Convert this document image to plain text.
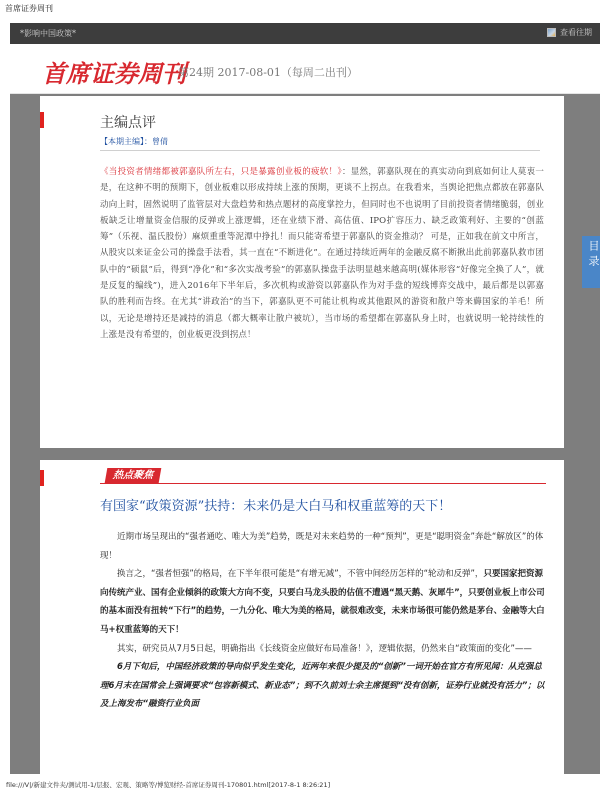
首席证券周刊
*影响中国政策*	查看往期
首席证券周刊
第24期 2017-08-01（每周二出刊）
主编点评
【本期主编】：曾倩
《当投资者情绪都被郭嘉队所左右，只是暴露创业板的疲软！》：显然，郭嘉队现在的真实动向到底如何让人莫衷一是，在这种不明的预期下，创业板难以形成持续上涨的预期，更谈不上拐点。在我看来，当舆论把焦点都放在郭嘉队动向上时，固然说明了监管层对大盘趋势和热点题材的高度掌控力，但同时也不也说明了目前投资者情绪脆弱，创业板缺乏让增量资金信服的反弹或上涨逻辑，还在业绩下滑、高估值、IPO扩容压力、缺乏政策利好、主要的“创蓝筹”（乐视、温氏股份）麻烦重重等泥潭中挣扎！而只能寄希望于郭嘉队的资金推动？ 可是，正如我在前文中所言，从股灾以来证金公司的操盘手法看，其一直在“不断进化”。在通过持续近两年的金融反腐不断揪出此前郭嘉队救市团队中的“硕鼠”后，得到“净化”和“多次实战考验”的郭嘉队操盘手法明显越来越高明(媒体形容“好像完全换了人”，就是反复的编线”)，进入2016年下半年后，多次机构或游资以郭嘉队作为对手盘的短线博弈交战中，最后都是以郭嘉队的胜利而告终。在尤其“讲政治”的当下，郭嘉队更不可能让机构或其他跟风的游资和散户等来薅国家的羊毛！所以，无论是增持还是减持的消息（都大概率让散户被坑），当市场的希望都在郭嘉队身上时，也就说明一轮持续性的上涨是没有希望的，创业板更没到拐点！
热点聚焦
有国家“政策资源”扶持：未来仍是大白马和权重蓝筹的天下！

近期市场呈现出的“强者通吃、唯大为美”趋势，既是对未来趋势的一种“预判”，更是“聪明资金”奔赴“解放区”的体现！

换言之，“强者恒强”的格局，在下半年很可能是“有增无减”，不管中间经历怎样的“轮动和反弹”，只要国家把资源向传统产业、国有企业倾斜的政策大方向不变，只要白马龙头股的估值不遭遇“黑天鹅、灰犀牛”，只要创业板上市公司的基本面没有扭转“下行”的趋势，一九分化、唯大为美的格局，就很难改变，未来市场很可能仍然是茅台、金融等大白马+权重蓝筹的天下！

其实，研究员从7月5日起，明确指出《长线资金应做好布局准备！》，逻辑依据，仍然来自“政策面的变化”——

6月下旬后，中国经济政策的导向似乎发生变化，近两年来很少提及的“创新”一词开始在官方有所见闻：从克强总理6月末在国常会上强调要求“包容新模式、新业态”；到不久前刘士余主席提到“没有创新，证券行业就没有活力”；以及上海发布“融资行业负面

目录
file:///V|/新建文件夹/测试用-1/层报、宏观、策略等/博览财经-首席证券周刊-170801.html[2017-8-1 8:26:21]
